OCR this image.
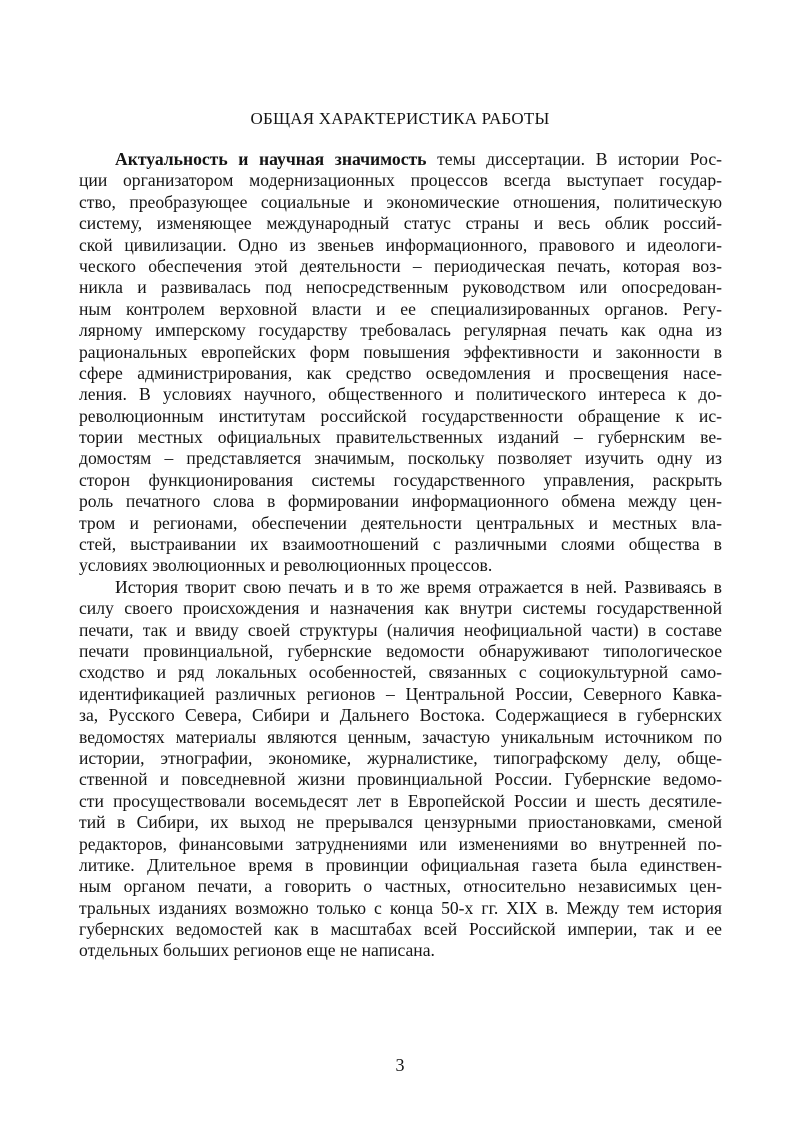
ОБЩАЯ ХАРАКТЕРИСТИКА РАБОТЫ
Актуальность и научная значимость темы диссертации. В истории Рос-
ции организатором модернизационных процессов всегда выступает государ-
ство, преобразующее социальные и экономические отношения, политическую
систему, изменяющее международный статус страны и весь облик россий-
ской цивилизации. Одно из звеньев информационного, правового и идеологи-
ческого обеспечения этой деятельности – периодическая печать, которая воз-
никла и развивалась под непосредственным руководством или опосредован-
ным контролем верховной власти и ее специализированных органов. Регу-
лярному имперскому государству требовалась регулярная печать как одна из
рациональных европейских форм повышения эффективности и законности в
сфере администрирования, как средство осведомления и просвещения насе-
ления. В условиях научного, общественного и политического интереса к до-
революционным институтам российской государственности обращение к ис-
тории местных официальных правительственных изданий – губернским ве-
домостям – представляется значимым, поскольку позволяет изучить одну из
сторон функционирования системы государственного управления, раскрыть
роль печатного слова в формировании информационного обмена между цен-
тром и регионами, обеспечении деятельности центральных и местных вла-
стей, выстраивании их взаимоотношений с различными слоями общества в
условиях эволюционных и революционных процессов.
История творит свою печать и в то же время отражается в ней. Развиваясь в
силу своего происхождения и назначения как внутри системы государственной
печати, так и ввиду своей структуры (наличия неофициальной части) в составе
печати провинциальной, губернские ведомости обнаруживают типологическое
сходство и ряд локальных особенностей, связанных с социокультурной само-
идентификацией различных регионов – Центральной России, Северного Кавка-
за, Русского Севера, Сибири и Дальнего Востока. Содержащиеся в губернских
ведомостях материалы являются ценным, зачастую уникальным источником по
истории, этнографии, экономике, журналистике, типографскому делу, обще-
ственной и повседневной жизни провинциальной России. Губернские ведомо-
сти просуществовали восемьдесят лет в Европейской России и шесть десятиле-
тий в Сибири, их выход не прерывался цензурными приостановками, сменой
редакторов, финансовыми затруднениями или изменениями во внутренней по-
литике. Длительное время в провинции официальная газета была единствен-
ным органом печати, а говорить о частных, относительно независимых цен-
тральных изданиях возможно только с конца 50-х гг. XIX в. Между тем история
губернских ведомостей как в масштабах всей Российской империи, так и ее
отдельных больших регионов еще не написана.
3
